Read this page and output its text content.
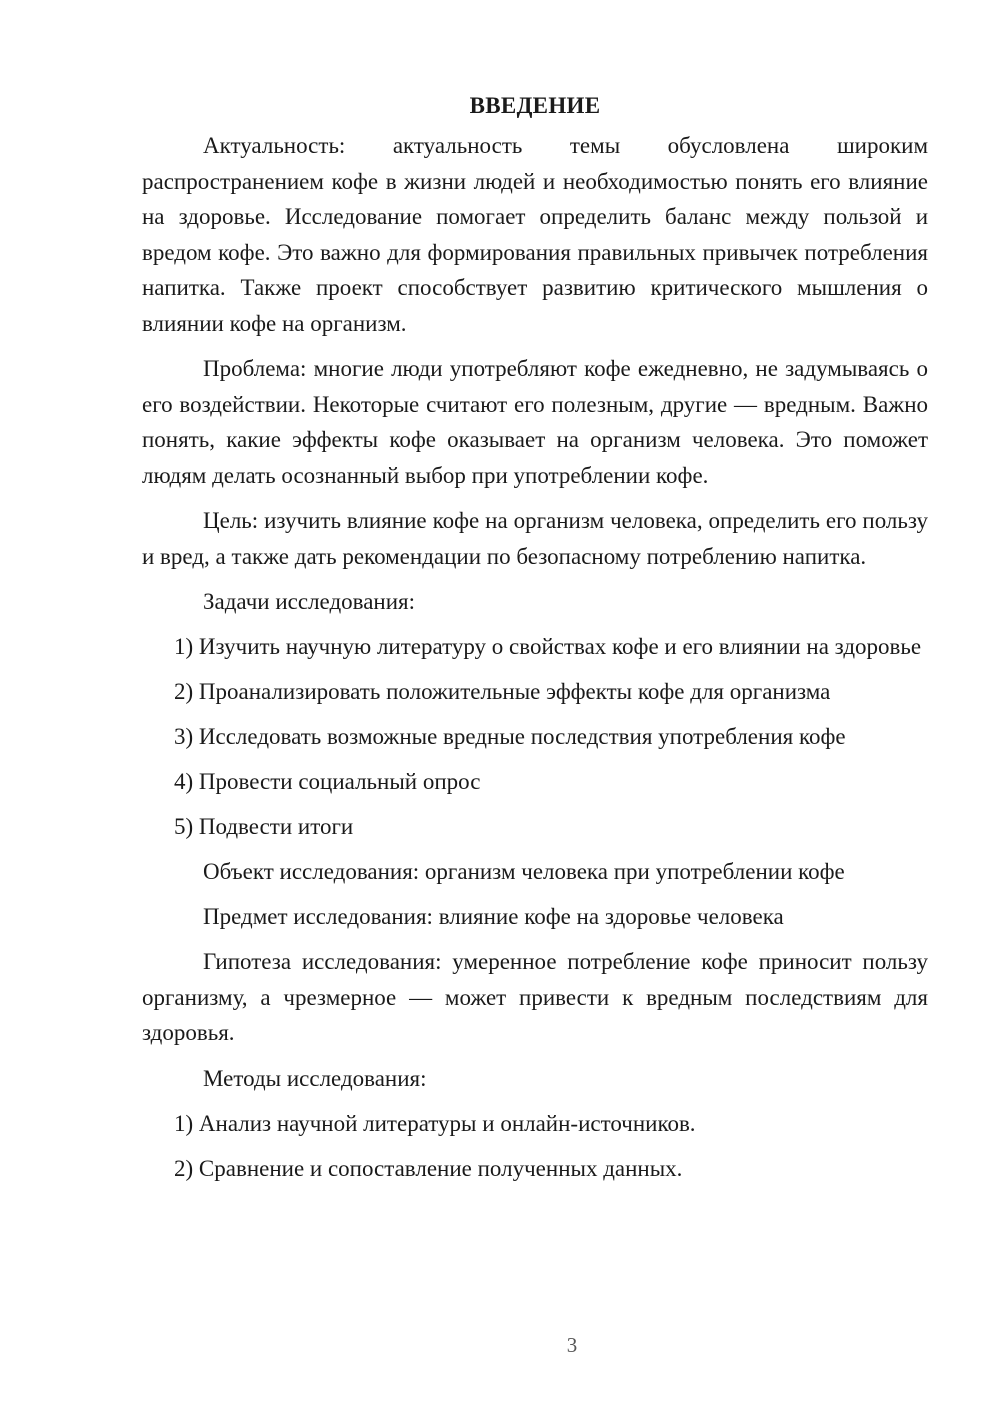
ВВЕДЕНИЕ

Актуальность: актуальность темы обусловлена широким распространением кофе в жизни людей и необходимостью понять его влияние на здоровье. Исследование помогает определить баланс между пользой и вредом кофе. Это важно для формирования правильных привычек потребления напитка. Также проект способствует развитию критического мышления о влиянии кофе на организм.

Проблема: многие люди употребляют кофе ежедневно, не задумываясь о его воздействии. Некоторые считают его полезным, другие — вредным. Важно понять, какие эффекты кофе оказывает на организм человека. Это поможет людям делать осознанный выбор при употреблении кофе.

Цель: изучить влияние кофе на организм человека, определить его пользу и вред, а также дать рекомендации по безопасному потреблению напитка.

Задачи исследования:

1) Изучить научную литературу о свойствах кофе и его влиянии на здоровье

2) Проанализировать положительные эффекты кофе для организма

3) Исследовать возможные вредные последствия употребления кофе

4) Провести социальный опрос

5) Подвести итоги

Объект исследования: организм человека при употреблении кофе

Предмет исследования: влияние кофе на здоровье человека

Гипотеза исследования: умеренное потребление кофе приносит пользу организму, а чрезмерное — может привести к вредным последствиям для здоровья.

Методы исследования:

1) Анализ научной литературы и онлайн-источников.

2) Сравнение и сопоставление полученных данных.

3
